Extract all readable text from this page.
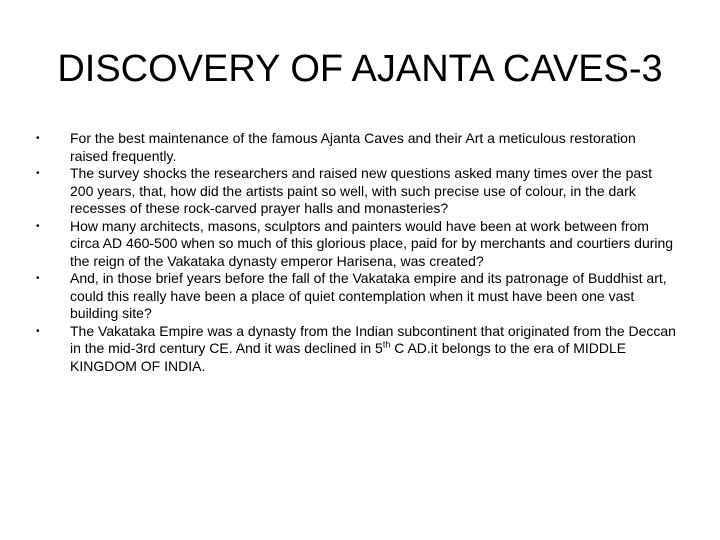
DISCOVERY OF AJANTA CAVES-3
• For the best maintenance of the famous Ajanta Caves and their Art a meticulous restoration raised frequently.
• The survey shocks the researchers and raised new questions asked many times over the past 200 years, that, how did the artists paint so well, with such precise use of colour, in the dark recesses of these rock-carved prayer halls and monasteries?
• How many architects, masons, sculptors and painters would have been at work between from circa AD 460-500 when so much of this glorious place, paid for by merchants and courtiers during the reign of the Vakataka dynasty emperor Harisena, was created?
• And, in those brief years before the fall of the Vakataka empire and its patronage of Buddhist art, could this really have been a place of quiet contemplation when it must have been one vast building site?
• The Vakataka Empire was a dynasty from the Indian subcontinent that originated from the Deccan in the mid-3rd century CE. And it was declined in 5th C AD.it belongs to the era of MIDDLE KINGDOM OF INDIA.
